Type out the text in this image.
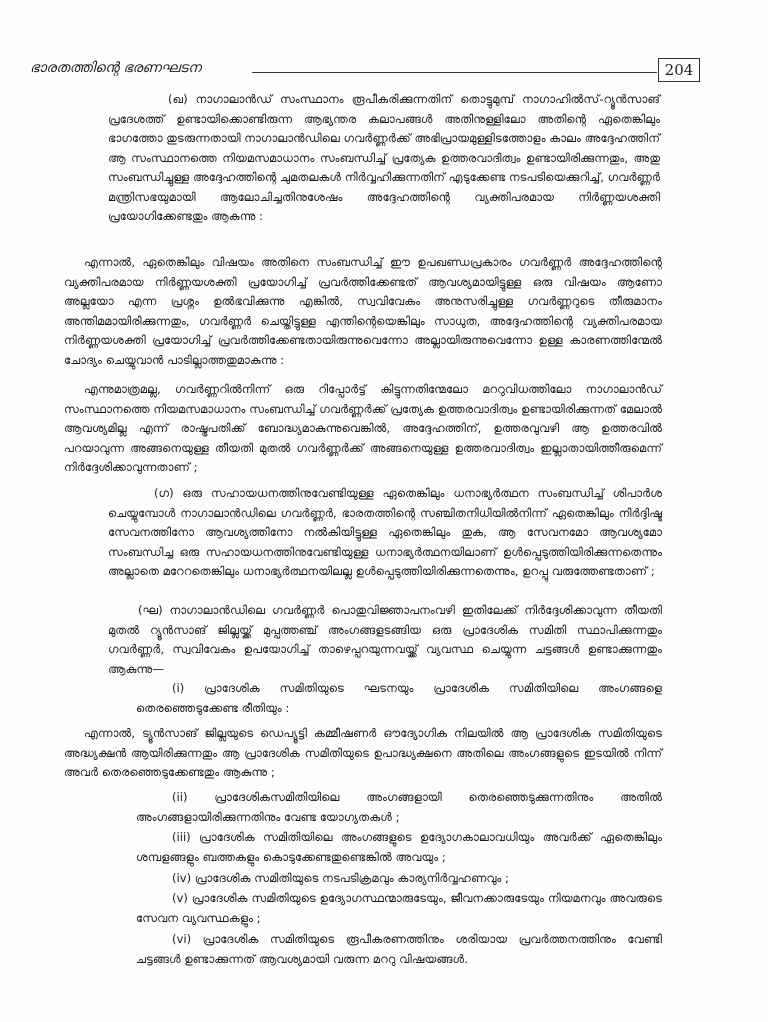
ഭാരതത്തിന്റെ ഭരണഘടന	204

(ഖ) നാഗാലാൻഡ് സംസ്ഥാനം രൂപീകരിക്കുന്നതിന് തൊട്ടുമുമ്പ് നാഗാഹിൽസ്-റ്യൂൻസാങ് പ്രദേശത്ത് ഉണ്ടായിക്കൊണ്ടിരുന്ന ആഭ്യന്തര കലാപങ്ങൾ അതിനുള്ളിലോ അതിന്റെ ഏതെങ്കിലും ഭാഗത്തോ തുടരുന്നതായി നാഗാലാൻഡിലെ ഗവർണ്ണർക്ക് അഭിപ്രായമുള്ളിടത്തോളം കാലം അദ്ദേഹത്തിന് ആ സംസ്ഥാനത്തെ നിയമസമാധാനം സംബന്ധിച്ച് പ്രത്യേക ഉത്തരവാദിത്വം ഉണ്ടായിരിക്കുന്നതും, അതു സംബന്ധിച്ചുള്ള അദ്ദേഹത്തിന്റെ ചുമതലകൾ നിർവ്വഹിക്കുന്നതിന് എടുക്കേണ്ട നടപടിയെക്കുറിച്ച്, ഗവർണ്ണർ മന്ത്രിസഭയുമായി ആലോചിച്ചതിനുശേഷം അദ്ദേഹത്തിന്റെ വ്യക്തിപരമായ നിർണ്ണയശക്തി പ്രയോഗിക്കേണ്ടതും ആകുന്നു :

എന്നാൽ, ഏതെങ്കിലും വിഷയം അതിനെ സംബന്ധിച്ച് ഈ ഉപഖണ്ഡപ്രകാരം ഗവർണ്ണർ അദ്ദേഹത്തിന്റെ വ്യക്തിപരമായ നിർണ്ണയശക്തി പ്രയോഗിച്ച് പ്രവർത്തിക്കേണ്ടത് ആവശ്യമായിട്ടുള്ള ഒരു വിഷയം ആണോ അല്ലയോ എന്ന പ്രശ്നം ഉൽഭവിക്കുന്നു എങ്കിൽ, സ്വവിവേകം അനുസരിച്ചുള്ള ഗവർണ്ണറുടെ തീരുമാനം അന്തിമമായിരിക്കുന്നതും, ഗവർണ്ണർ ചെയ്തിട്ടുള്ള എന്തിന്റെയെങ്കിലും സാധുത, അദ്ദേഹത്തിന്റെ വ്യക്തിപരമായ നിർണ്ണയശക്തി പ്രയോഗിച്ച് പ്രവർത്തിക്കേണ്ടതായിരുന്നുവെന്നോ അല്ലായിരുന്നുവെന്നോ ഉള്ള കാരണത്തിന്മേൽ ചോദ്യം ചെയ്യുവാൻ പാടില്ലാത്തതുമാകുന്നു :

എന്നുമാത്രമല്ല, ഗവർണ്ണറിൽനിന്ന് ഒരു റിപ്പോർട്ട് കിട്ടുന്നതിന്മേലോ മററുവിധത്തിലോ നാഗാലാൻഡ് സംസ്ഥാനത്തെ നിയമസമാധാനം സംബന്ധിച്ച് ഗവർണ്ണർക്ക് പ്രത്യേക ഉത്തരവാദിത്വം ഉണ്ടായിരിക്കുന്നത് മേലാൽ ആവശ്യമില്ല എന്ന് രാഷ്ട്രപതിക്ക് ബോദ്ധ്യമാകുന്നുവെങ്കിൽ, അദ്ദേഹത്തിന്, ഉത്തരവുവഴി ആ ഉത്തരവിൽ പറയാവുന്ന അങ്ങനെയുള്ള തീയതി മുതൽ ഗവർണ്ണർക്ക് അങ്ങനെയുള്ള ഉത്തരവാദിത്വം ഇല്ലാതായിത്തീരുമെന്ന് നിർദ്ദേശിക്കാവുന്നതാണ് ;

(ഗ) ഒരു സഹായധനത്തിനുവേണ്ടിയുള്ള ഏതെങ്കിലും ധനാഭ്യർത്ഥന സംബന്ധിച്ച് ശിപാർശ ചെയ്യുമ്പോൾ നാഗാലാൻഡിലെ ഗവർണ്ണർ, ഭാരതത്തിന്റെ സഞ്ചിതനിധിയിൽനിന്ന് ഏതെങ്കിലും നിർദ്ദിഷ്ട സേവനത്തിനോ ആവശ്യത്തിനോ നൽകിയിട്ടുള്ള ഏതെങ്കിലും തുക, ആ സേവനമോ ആവശ്യമോ സംബന്ധിച്ച ഒരു സഹായധനത്തിനുവേണ്ടിയുള്ള ധനാഭ്യർത്ഥനയിലാണ് ഉൾപ്പെടുത്തിയിരിക്കുന്നതെന്നും അല്ലാതെ മറേറതെങ്കിലും ധനാഭ്യർത്ഥനയിലല്ല ഉൾപ്പെടുത്തിയിരിക്കുന്നതെന്നും, ഉറപ്പു വരുത്തേണ്ടതാണ് ;

(ഘ) നാഗാലാൻഡിലെ ഗവർണ്ണർ പൊതുവിജ്ഞാപനംവഴി ഇതിലേക്ക് നിർദ്ദേശിക്കാവുന്ന തീയതി മുതൽ റ്യൂൻസാങ് ജില്ലയ്ക്ക് മുപ്പത്തഞ്ച് അംഗങ്ങളടങ്ങിയ ഒരു പ്രാദേശിക സമിതി സ്ഥാപിക്കുന്നതും ഗവർണ്ണർ, സ്വവിവേകം ഉപയോഗിച്ച് താഴെപ്പറയുന്നവയ്ക്ക് വ്യവസ്ഥ ചെയ്യുന്ന ചട്ടങ്ങൾ ഉണ്ടാക്കുന്നതും ആകുന്നു—

(i) പ്രാദേശിക സമിതിയുടെ ഘടനയും പ്രാദേശിക സമിതിയിലെ അംഗങ്ങളെ തെരഞ്ഞെടുക്കേണ്ട രീതിയും :

എന്നാൽ, ട്യൂൻസാങ് ജില്ലയുടെ ഡെപ്യൂട്ടി കമ്മീഷണർ ഔദ്യോഗിക നിലയിൽ ആ പ്രാദേശിക സമിതിയുടെ അദ്ധ്യക്ഷൻ ആയിരിക്കുന്നതും ആ പ്രാദേശിക സമിതിയുടെ ഉപാദ്ധ്യക്ഷനെ അതിലെ അംഗങ്ങളുടെ ഇടയിൽ നിന്ന് അവർ തെരഞ്ഞെടുക്കേണ്ടതും ആകുന്നു ;

(ii) പ്രാദേശികസമിതിയിലെ അംഗങ്ങളായി തെരഞ്ഞെടുക്കുന്നതിനും അതിൽ അംഗങ്ങളായിരിക്കുന്നതിനും വേണ്ട യോഗ്യതകൾ ;

(iii) പ്രാദേശിക സമിതിയിലെ അംഗങ്ങളുടെ ഉദ്യോഗകാലാവധിയും അവർക്ക് ഏതെങ്കിലും ശമ്പളങ്ങളും ബത്തകളും കൊടുക്കേണ്ടതുണ്ടെങ്കിൽ അവയും ;

(iv) പ്രാദേശിക സമിതിയുടെ നടപടിക്രമവും കാര്യനിർവ്വഹണവും ;

(v) പ്രാദേശിക സമിതിയുടെ ഉദ്യോഗസ്ഥന്മാരുടേയും, ജീവനക്കാരുടേയും നിയമനവും അവരുടെ സേവന വ്യവസ്ഥകളും ;

(vi) പ്രാദേശിക സമിതിയുടെ രൂപീകരണത്തിനും ശരിയായ പ്രവർത്തനത്തിനും വേണ്ടി ചട്ടങ്ങൾ ഉണ്ടാക്കുന്നത് ആവശ്യമായി വരുന്ന മററു വിഷയങ്ങൾ.
